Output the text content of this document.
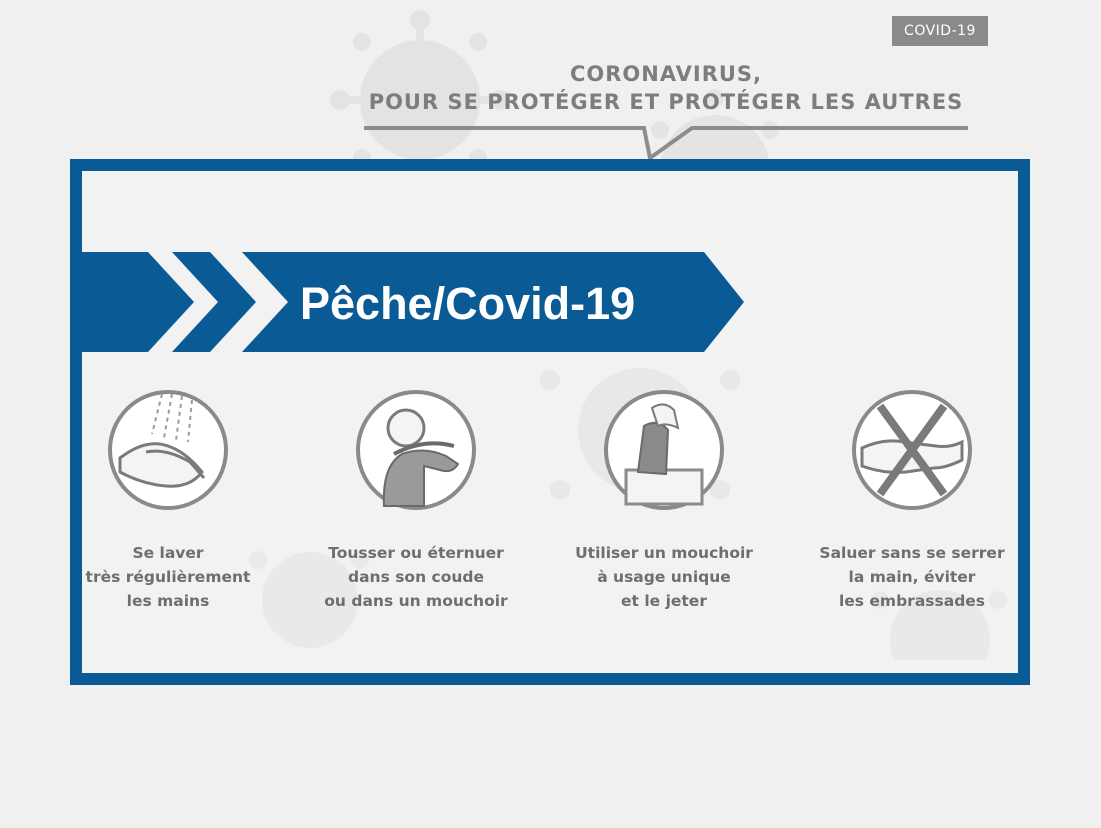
COVID-19
CORONAVIRUS,
POUR SE PROTÉGER ET PROTÉGER LES AUTRES
Pêche/Covid-19
Se laver
très régulièrement
les mains
Tousser ou éternuer
dans son coude
ou dans un mouchoir
Utiliser un mouchoir
à usage unique
et le jeter
Saluer sans se serrer
la main, éviter
les embrassades
